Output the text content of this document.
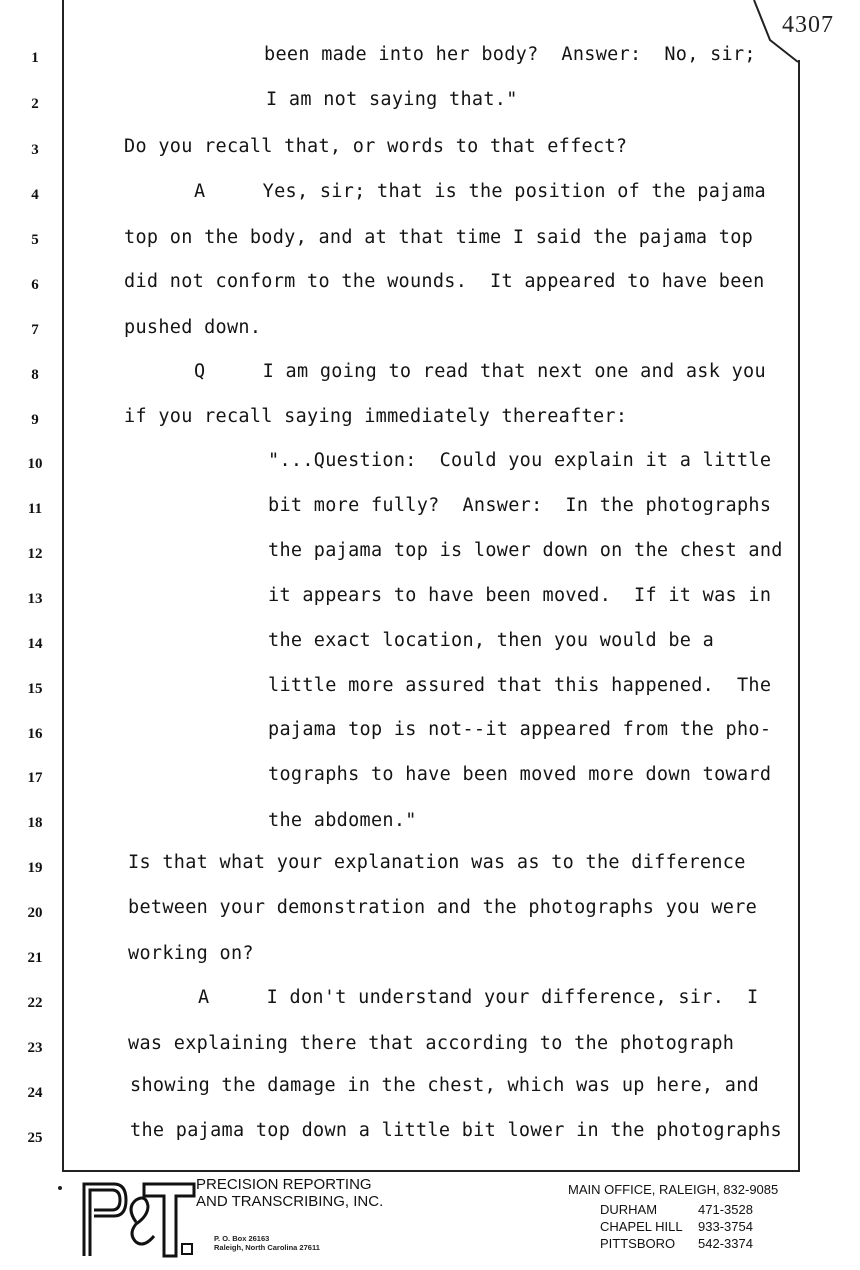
4307
1	been made into her body?  Answer:  No, sir;
2	I am not saying that."
3	Do you recall that, or words to that effect?
4	A     Yes, sir; that is the position of the pajama
5	top on the body, and at that time I said the pajama top
6	did not conform to the wounds.  It appeared to have been
7	pushed down.
8	Q     I am going to read that next one and ask you
9	if you recall saying immediately thereafter:
10	"...Question:  Could you explain it a little
11	bit more fully?  Answer:  In the photographs
12	the pajama top is lower down on the chest and
13	it appears to have been moved.  If it was in
14	the exact location, then you would be a
15	little more assured that this happened.  The
16	pajama top is not--it appeared from the pho-
17	tographs to have been moved more down toward
18	the abdomen."
19	Is that what your explanation was as to the difference
20	between your demonstration and the photographs you were
21	working on?
22	A     I don't understand your difference, sir.  I
23	was explaining there that according to the photograph
24	showing the damage in the chest, which was up here, and
25	the pajama top down a little bit lower in the photographs
PRECISION REPORTING
AND TRANSCRIBING, INC.
P. O. Box 26163
Raleigh, North Carolina 27611
MAIN OFFICE, RALEIGH, 832-9085
DURHAM	471-3528
CHAPEL HILL	933-3754
PITTSBORO	542-3374
